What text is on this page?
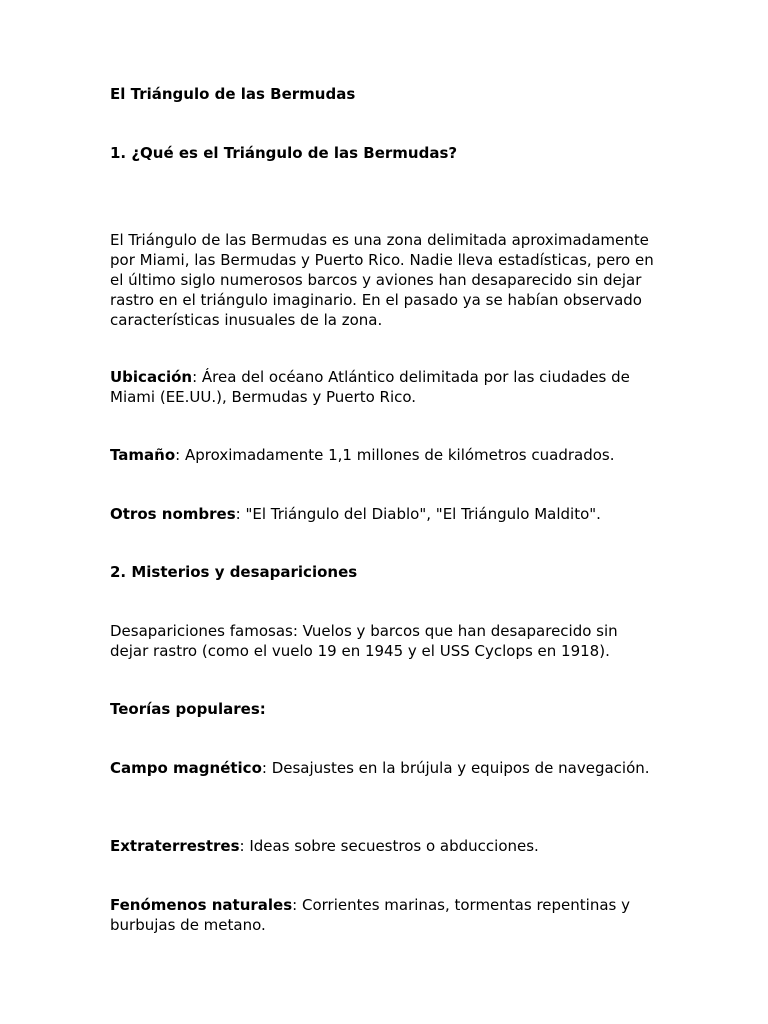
El Triángulo de las Bermudas

1. ¿Qué es el Triángulo de las Bermudas?

El Triángulo de las Bermudas es una zona delimitada aproximadamente por Miami, las Bermudas y Puerto Rico. Nadie lleva estadísticas, pero en el último siglo numerosos barcos y aviones han desaparecido sin dejar rastro en el triángulo imaginario. En el pasado ya se habían observado características inusuales de la zona.

Ubicación: Área del océano Atlántico delimitada por las ciudades de Miami (EE.UU.), Bermudas y Puerto Rico.

Tamaño: Aproximadamente 1,1 millones de kilómetros cuadrados.

Otros nombres: "El Triángulo del Diablo", "El Triángulo Maldito".

2. Misterios y desapariciones

Desapariciones famosas: Vuelos y barcos que han desaparecido sin dejar rastro (como el vuelo 19 en 1945 y el USS Cyclops en 1918).

Teorías populares:

Campo magnético: Desajustes en la brújula y equipos de navegación.

Extraterrestres: Ideas sobre secuestros o abducciones.

Fenómenos naturales: Corrientes marinas, tormentas repentinas y burbujas de metano.
